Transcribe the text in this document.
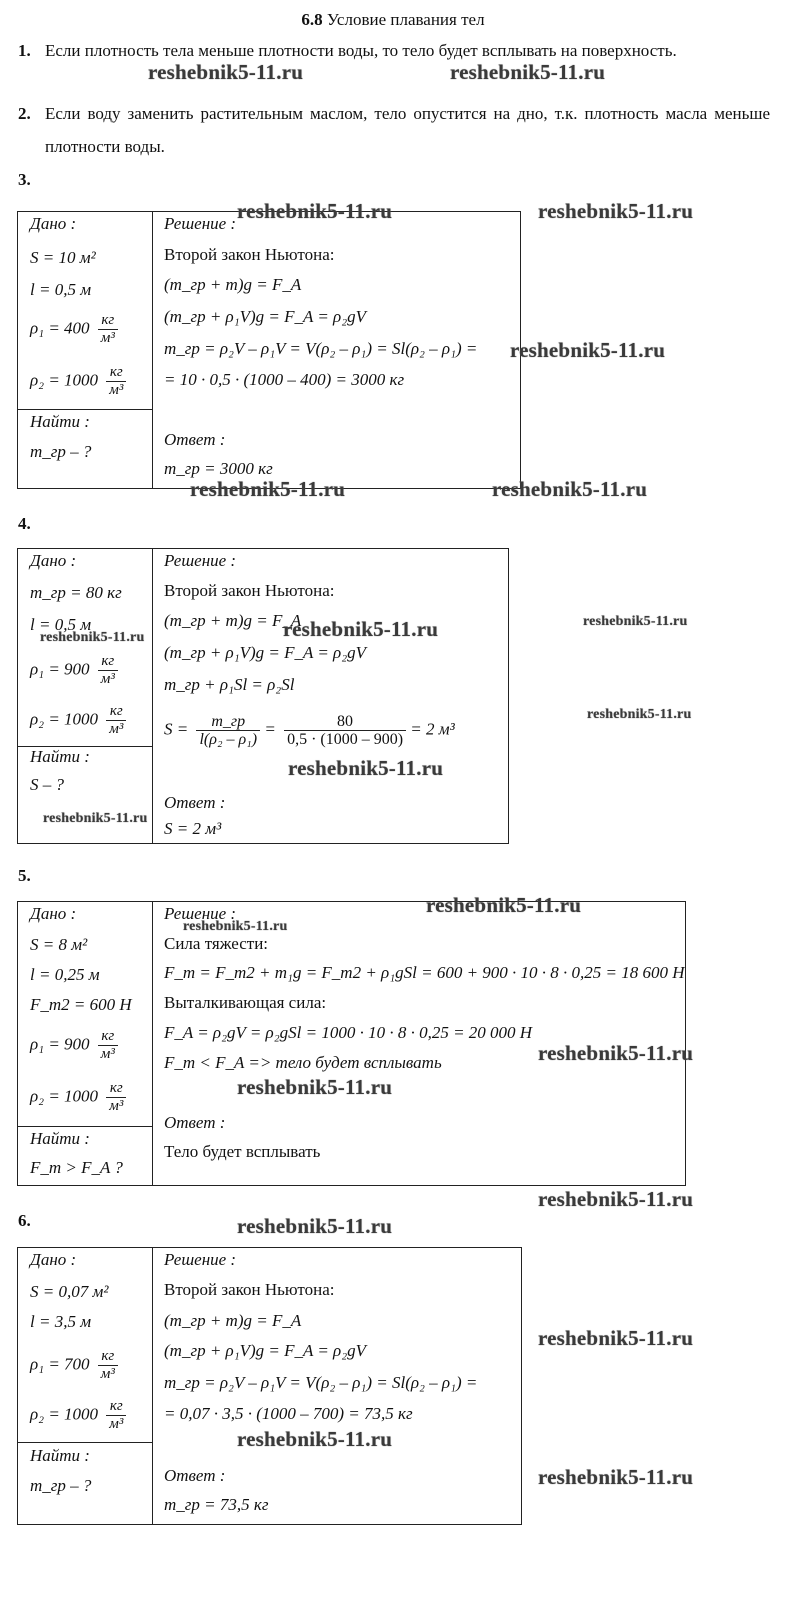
6.8 Условие плавания тел
1. Если плотность тела меньше плотности воды, то тело будет всплывать на поверхность.
2. Если воду заменить растительным маслом, тело опустится на дно, т.к. плотность масла меньше плотности воды.
3.
Дано :
S = 10 м²
l = 0,5 м
$\rho_1 = 400 \frac{кг}{\text{м³}}$
$\rho_2 = 1000 \frac{кг}{\text{м³}}$
Найти :
m_гр – ?
Решение :
Второй закон Ньютона:
(m_гр + m)g = F_A
(m_гр + ρ₁V)g = F_A = ρ₂gV
m_гр = ρ₂V – ρ₁V = V(ρ₂ – ρ₁) = Sl(ρ₂ – ρ₁) =
= 10 · 0,5 · (1000 – 400) = 3000 кг
Ответ :
m_гр = 3000 кг
4.
Дано :
m_гр = 80 кг
l = 0,5 м
$\rho_1 = 900 \frac{кг}{\text{м³}}$
$\rho_2 = 1000 \frac{кг}{\text{м³}}$
Найти :
S – ?
Решение :
Второй закон Ньютона:
(m_гр + m)g = F_A
(m_гр + ρ₁V)g = F_A = ρ₂gV
m_гр + ρ₁Sl = ρ₂Sl
$S = \frac{m\_гр}{\text{l(ρ₂ – ρ₁)}} = \frac{80}{0,5 \cdot (1000 - 900)} = 2$ м³
Ответ :
S = 2 м³
5.
Дано :
S = 8 м²
l = 0,25 м
F_т2 = 600 Н
$\rho_1 = 900 \frac{кг}{\text{м³}}$
$\rho_2 = 1000 \frac{кг}{\text{м³}}$
Найти :
F_т > F_A ?
Решение :
Сила тяжести:
F_т = F_т2 + m₁g = F_т2 + ρ₁gSl = 600 + 900 · 10 · 8 · 0,25 = 18 600 Н
Выталкивающая сила:
F_A = ρ₂gV = ρ₂gSl = 1000 · 10 · 8 · 0,25 = 20 000 Н
F_т < F_A => тело будет всплывать
Ответ :
Тело будет всплывать
6.
Дано :
S = 0,07 м²
l = 3,5 м
$\rho_1 = 700 \frac{кг}{\text{м³}}$
$\rho_2 = 1000 \frac{кг}{\text{м³}}$
Найти :
m_гр – ?
Решение :
Второй закон Ньютона:
(m_гр + m)g = F_A
(m_гр + ρ₁V)g = F_A = ρ₂gV
m_гр = ρ₂V – ρ₁V = V(ρ₂ – ρ₁) = Sl(ρ₂ – ρ₁) =
= 0,07 · 3,5 · (1000 – 700) = 73,5 кг
Ответ :
m_гр = 73,5 кг
reshebnik5-11.ru	reshebnik5-11.ru
reshebnik5-11.ru	reshebnik5-11.ru
reshebnik5-11.ru
reshebnik5-11.ru	reshebnik5-11.ru
reshebnik5-11.ru
reshebnik5-11.ru
reshebnik5-11.ru
reshebnik5-11.ru
reshebnik5-11.ru
reshebnik5-11.ru
reshebnik5-11.ru
reshebnik5-11.ru
reshebnik5-11.ru
reshebnik5-11.ru
reshebnik5-11.ru
reshebnik5-11.ru
reshebnik5-11.ru
reshebnik5-11.ru
reshebnik5-11.ru
